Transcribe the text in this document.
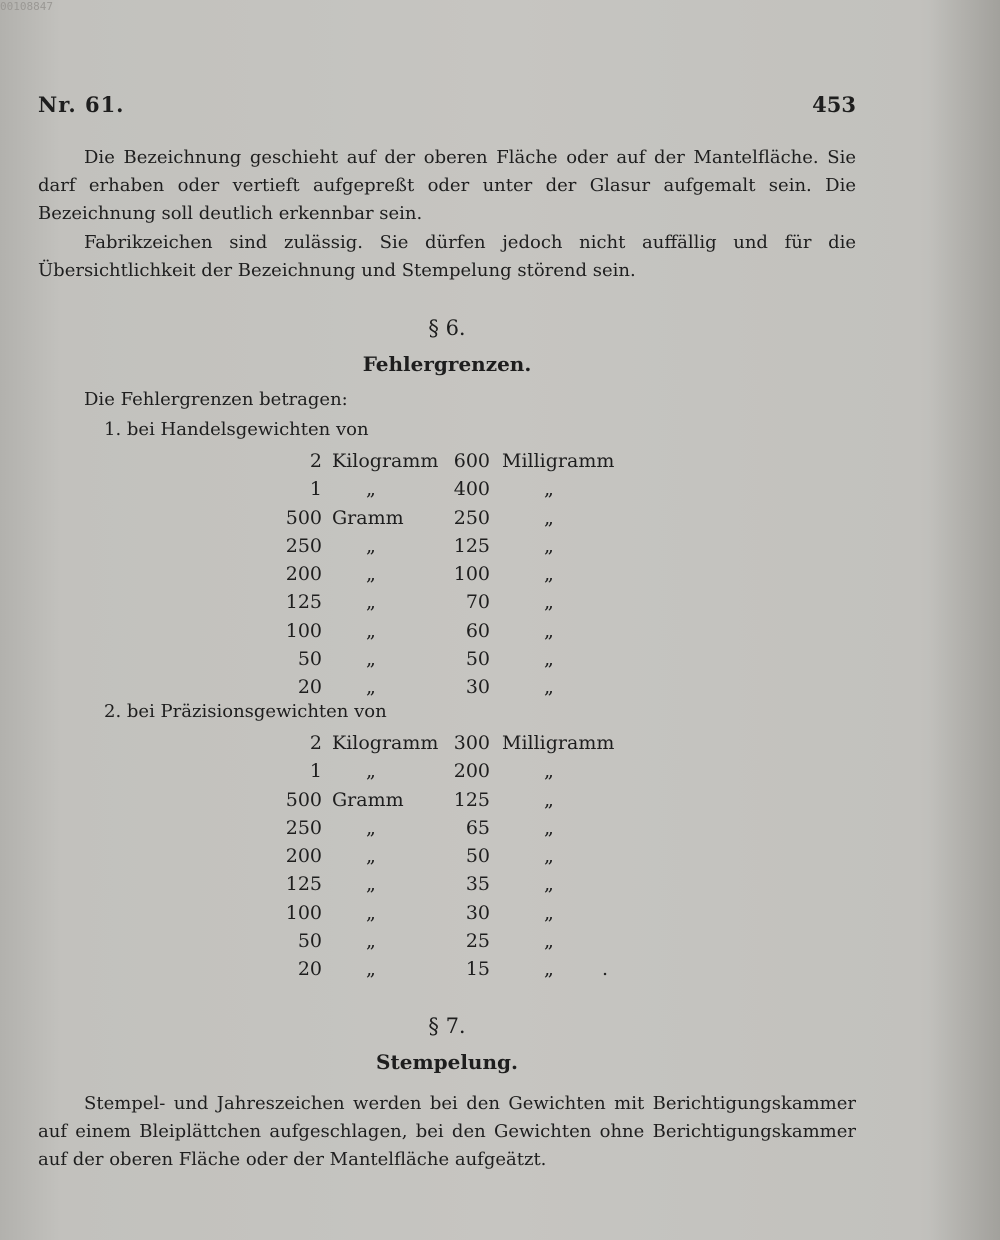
00108847
Nr. 61.	453

Die Bezeichnung geschieht auf der oberen Fläche oder auf der Mantelfläche. Sie darf erhaben oder vertieft aufgepreßt oder unter der Glasur aufgemalt sein. Die Bezeichnung soll deutlich erkennbar sein.

Fabrikzeichen sind zulässig. Sie dürfen jedoch nicht auffällig und für die Übersichtlichkeit der Bezeichnung und Stempelung störend sein.

§ 6.
Fehlergrenzen.
Die Fehlergrenzen betragen:
1. bei Handelsgewichten von
2 Kilogramm 600 Milligramm
1 „	400	„
500 Gramm	250	„
250 „	125	„
200 „	100	„
125 „	70	„
100 „	60	„
50 „	50	„
20 „	30	„
2. bei Präzisionsgewichten von
2 Kilogramm 300 Milligramm
1 „	200	„
500 Gramm	125	„
250 „	65	„
200 „	50	„
125 „	35	„
100 „	30	„
50 „	25	„
20 „	15	„	.
§ 7.
Stempelung.

Stempel- und Jahreszeichen werden bei den Gewichten mit Berichtigungskammer auf einem Bleiplättchen aufgeschlagen, bei den Gewichten ohne Berichtigungskammer auf der oberen Fläche oder der Mantelfläche aufgeätzt.
